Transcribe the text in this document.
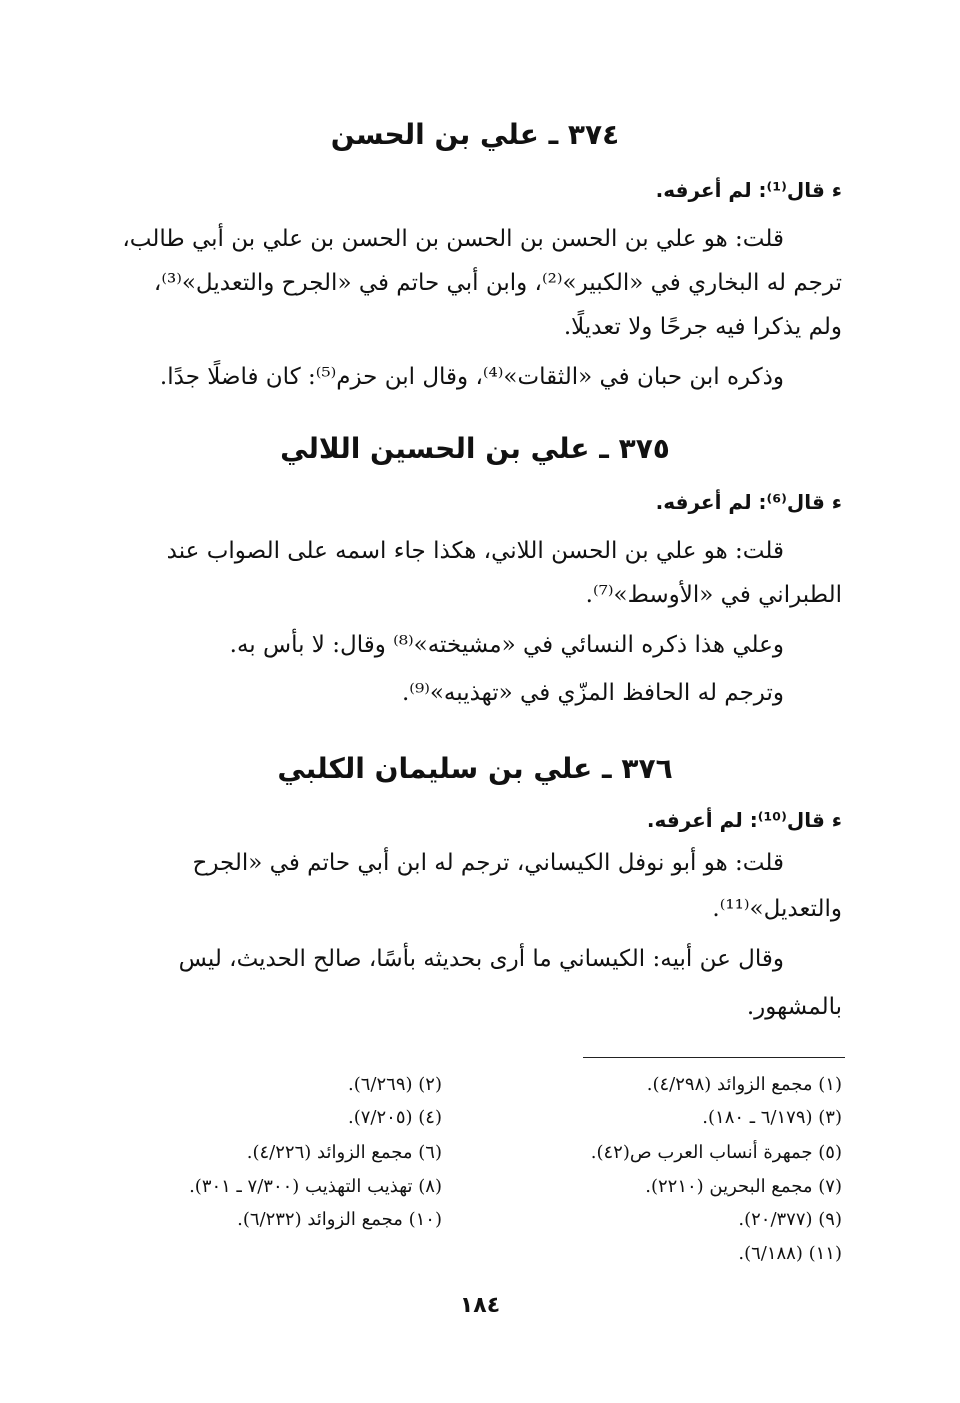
٣٧٤ ـ علي بن الحسن
ﺀ قال⁽¹⁾: لم أعرفه.
قلت: هو علي بن الحسن بن الحسن بن الحسن بن علي بن أبي طالب،
ترجم له البخاري في «الكبير»⁽²⁾، وابن أبي حاتم في «الجرح والتعديل»⁽³⁾،
ولم يذكرا فيه جرحًا ولا تعديلًا.
وذكره ابن حبان في «الثقات»⁽⁴⁾، وقال ابن حزم⁽⁵⁾: كان فاضلًا جدًا.
٣٧٥ ـ علي بن الحسين اللالي
ﺀ قال⁽⁶⁾: لم أعرفه.
قلت: هو علي بن الحسن اللاني، هكذا جاء اسمه على الصواب عند
الطبراني في «الأوسط»⁽⁷⁾.
وعلي هذا ذكره النسائي في «مشيخته»⁽⁸⁾ وقال: لا بأس به.
وترجم له الحافظ المزّي في «تهذيبه»⁽⁹⁾.
٣٧٦ ـ علي بن سليمان الكلبي
ﺀ قال⁽¹⁰⁾: لم أعرفه.
قلت: هو أبو نوفل الكيساني، ترجم له ابن أبي حاتم في «الجرح
والتعديل»⁽¹¹⁾.
وقال عن أبيه: الكيساني ما أرى بحديثه بأسًا، صالح الحديث، ليس
بالمشهور.
(١) مجمع الزوائد (٤/٢٩٨).
(٣) (٦/١٧٩ ـ ١٨٠).
(٥) جمهرة أنساب العرب ص(٤٢).
(٧) مجمع البحرين (٢٢١٠).
(٩) (٢٠/٣٧٧).
(١١) (٦/١٨٨).
(٢) (٦/٢٦٩).
(٤) (٧/٢٠٥).
(٦) مجمع الزوائد (٤/٢٢٦).
(٨) تهذيب التهذيب (٧/٣٠٠ ـ ٣٠١).
(١٠) مجمع الزوائد (٦/٢٣٢).
١٨٤
